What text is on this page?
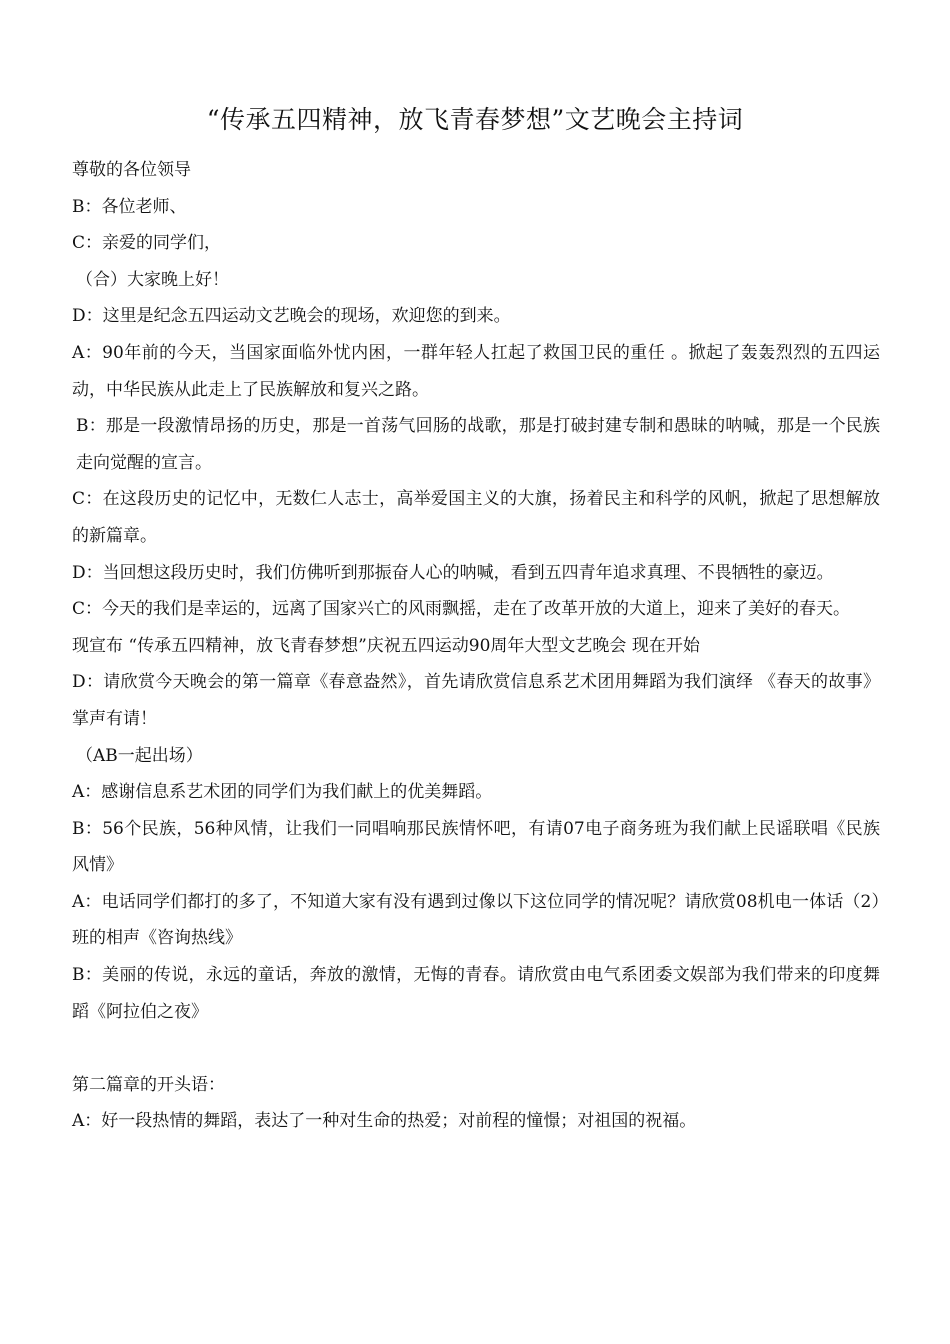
“传承五四精神，放飞青春梦想”文艺晚会主持词

尊敬的各位领导

B：各位老师、

C：亲爱的同学们，

（合）大家晚上好！

D：这里是纪念五四运动文艺晚会的现场，欢迎您的到来。

A：90年前的今天，当国家面临外忧内困，一群年轻人扛起了救国卫民的重任 。掀起了轰轰烈烈的五四运动，中华民族从此走上了民族解放和复兴之路。

B：那是一段激情昂扬的历史，那是一首荡气回肠的战歌，那是打破封建专制和愚昧的呐喊，那是一个民族走向觉醒的宣言。

C：在这段历史的记忆中，无数仁人志士，高举爱国主义的大旗，扬着民主和科学的风帆，掀起了思想解放的新篇章。

D：当回想这段历史时，我们仿佛听到那振奋人心的呐喊，看到五四青年追求真理、不畏牺牲的豪迈。

C：今天的我们是幸运的，远离了国家兴亡的风雨飘摇，走在了改革开放的大道上，迎来了美好的春天。

现宣布 “传承五四精神，放飞青春梦想”庆祝五四运动90周年大型文艺晚会 现在开始

D：请欣赏今天晚会的第一篇章《春意盎然》，首先请欣赏信息系艺术团用舞蹈为我们演绎 《春天的故事》掌声有请！

（AB一起出场）

A：感谢信息系艺术团的同学们为我们献上的优美舞蹈。

B：56个民族，56种风情，让我们一同唱响那民族情怀吧，有请07电子商务班为我们献上民谣联唱《民族风情》

A：电话同学们都打的多了，不知道大家有没有遇到过像以下这位同学的情况呢？请欣赏08机电一体话（2）班的相声《咨询热线》

B：美丽的传说，永远的童话，奔放的激情，无悔的青春。请欣赏由电气系团委文娱部为我们带来的印度舞蹈《阿拉伯之夜》

第二篇章的开头语：

A：好一段热情的舞蹈，表达了一种对生命的热爱；对前程的憧憬；对祖国的祝福。
